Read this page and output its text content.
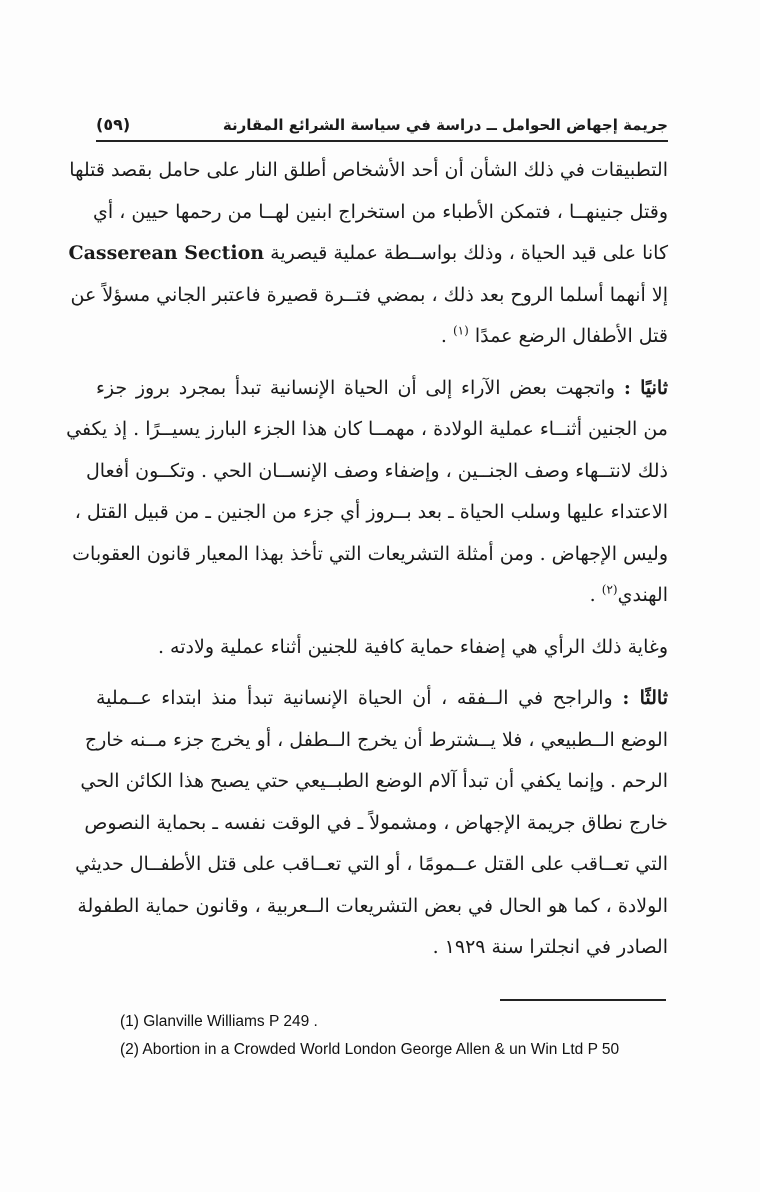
جريمة إجهاض الحوامل ــ دراسة في سياسة الشرائع المقارنة
(٥٩)
التطبيقات في ذلك الشأن أن أحد الأشخاص أطلق النار على حامل بقصد قتلها
وقتل جنينهــا ، فتمكن الأطباء من استخراج ابنين لهــا من رحمها حيين ، أي
كانا على قيد الحياة ، وذلك بواســطة عملية قيصرية Casserean Section
إلا أنهما أسلما الروح بعد ذلك ، بمضي فتــرة قصيرة فاعتبر الجاني مسؤلاً عن
قتل الأطفال الرضع عمدًا $^{(١)}$ .
ثانيًا : واتجهت بعض الآراء إلى أن الحياة الإنسانية تبدأ بمجرد بروز جزء
من الجنين أثنــاء عملية الولادة ، مهمــا كان هذا الجزء البارز يسيــرًا . إذ يكفي
ذلك لانتــهاء وصف الجنــين ، وإضفاء وصف الإنســان الحي . وتكــون أفعال
الاعتداء عليها وسلب الحياة ـ بعد بــروز أي جزء من الجنين ـ من قبيل القتل ،
وليس الإجهاض . ومن أمثلة التشريعات التي تأخذ بهذا المعيار قانون العقوبات
الهندي$^{(٢)}$ .
وغاية ذلك الرأي هي إضفاء حماية كافية للجنين أثناء عملية ولادته .
ثالثًا : والراجح في الــفقه ، أن الحياة الإنسانية تبدأ منذ ابتداء عــملية
الوضع الــطبيعي ، فلا يــشترط أن يخرج الــطفل ، أو يخرج جزء مــنه خارج
الرحم . وإنما يكفي أن تبدأ آلام الوضع الطبــيعي حتي يصبح هذا الكائن الحي
خارج نطاق جريمة الإجهاض ، ومشمولاً ـ في الوقت نفسه ـ بحماية النصوص
التي تعــاقب على القتل عــمومًا ، أو التي تعــاقب على قتل الأطفــال حديثي
الولادة ، كما هو الحال في بعض التشريعات الــعربية ، وقانون حماية الطفولة
الصادر في انجلترا سنة ١٩٢٩ .
(1) Glanville Williams P 249 .
(2) Abortion in a Crowded World London George Allen & un Win Ltd P 50
